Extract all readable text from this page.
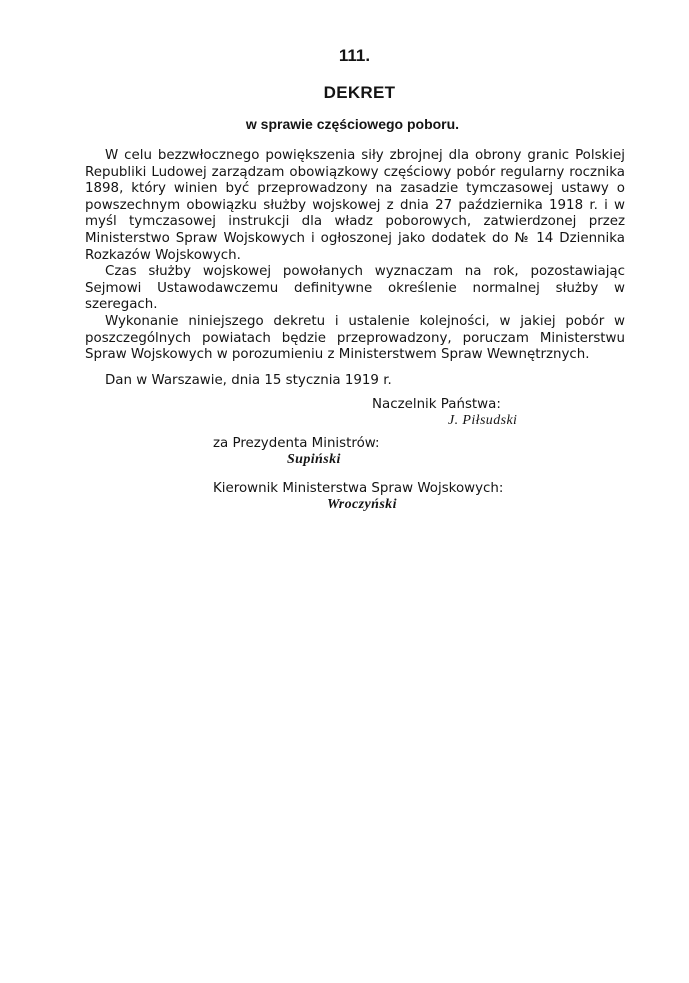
111.
DEKRET
w sprawie częściowego poboru.

W celu bezzwłocznego powiększenia siły zbrojnej dla obrony granic Polskiej Republiki Ludowej zarządzam obowiązkowy częściowy pobór regularny rocznika 1898, który winien być przeprowadzony na zasadzie tymczasowej ustawy o powszechnym obowiązku służby wojskowej z dnia 27 października 1918 r. i w myśl tymczasowej instrukcji dla władz poborowych, zatwierdzonej przez Ministerstwo Spraw Wojskowych i ogłoszonej jako dodatek do № 14 Dziennika Rozkazów Wojskowych.

Czas służby wojskowej powołanych wyznaczam na rok, pozostawiając Sejmowi Ustawodawczemu definitywne określenie normalnej służby w szeregach.

Wykonanie niniejszego dekretu i ustalenie kolejności, w jakiej pobór w poszczególnych powiatach będzie przeprowadzony, poruczam Ministerstwu Spraw Wojskowych w porozumieniu z Ministerstwem Spraw Wewnętrznych.

Dan w Warszawie, dnia 15 stycznia 1919 r.
Naczelnik Państwa:
J. Piłsudski
za Prezydenta Ministrów:
Supiński
Kierownik Ministerstwa Spraw Wojskowych:
Wroczyński
